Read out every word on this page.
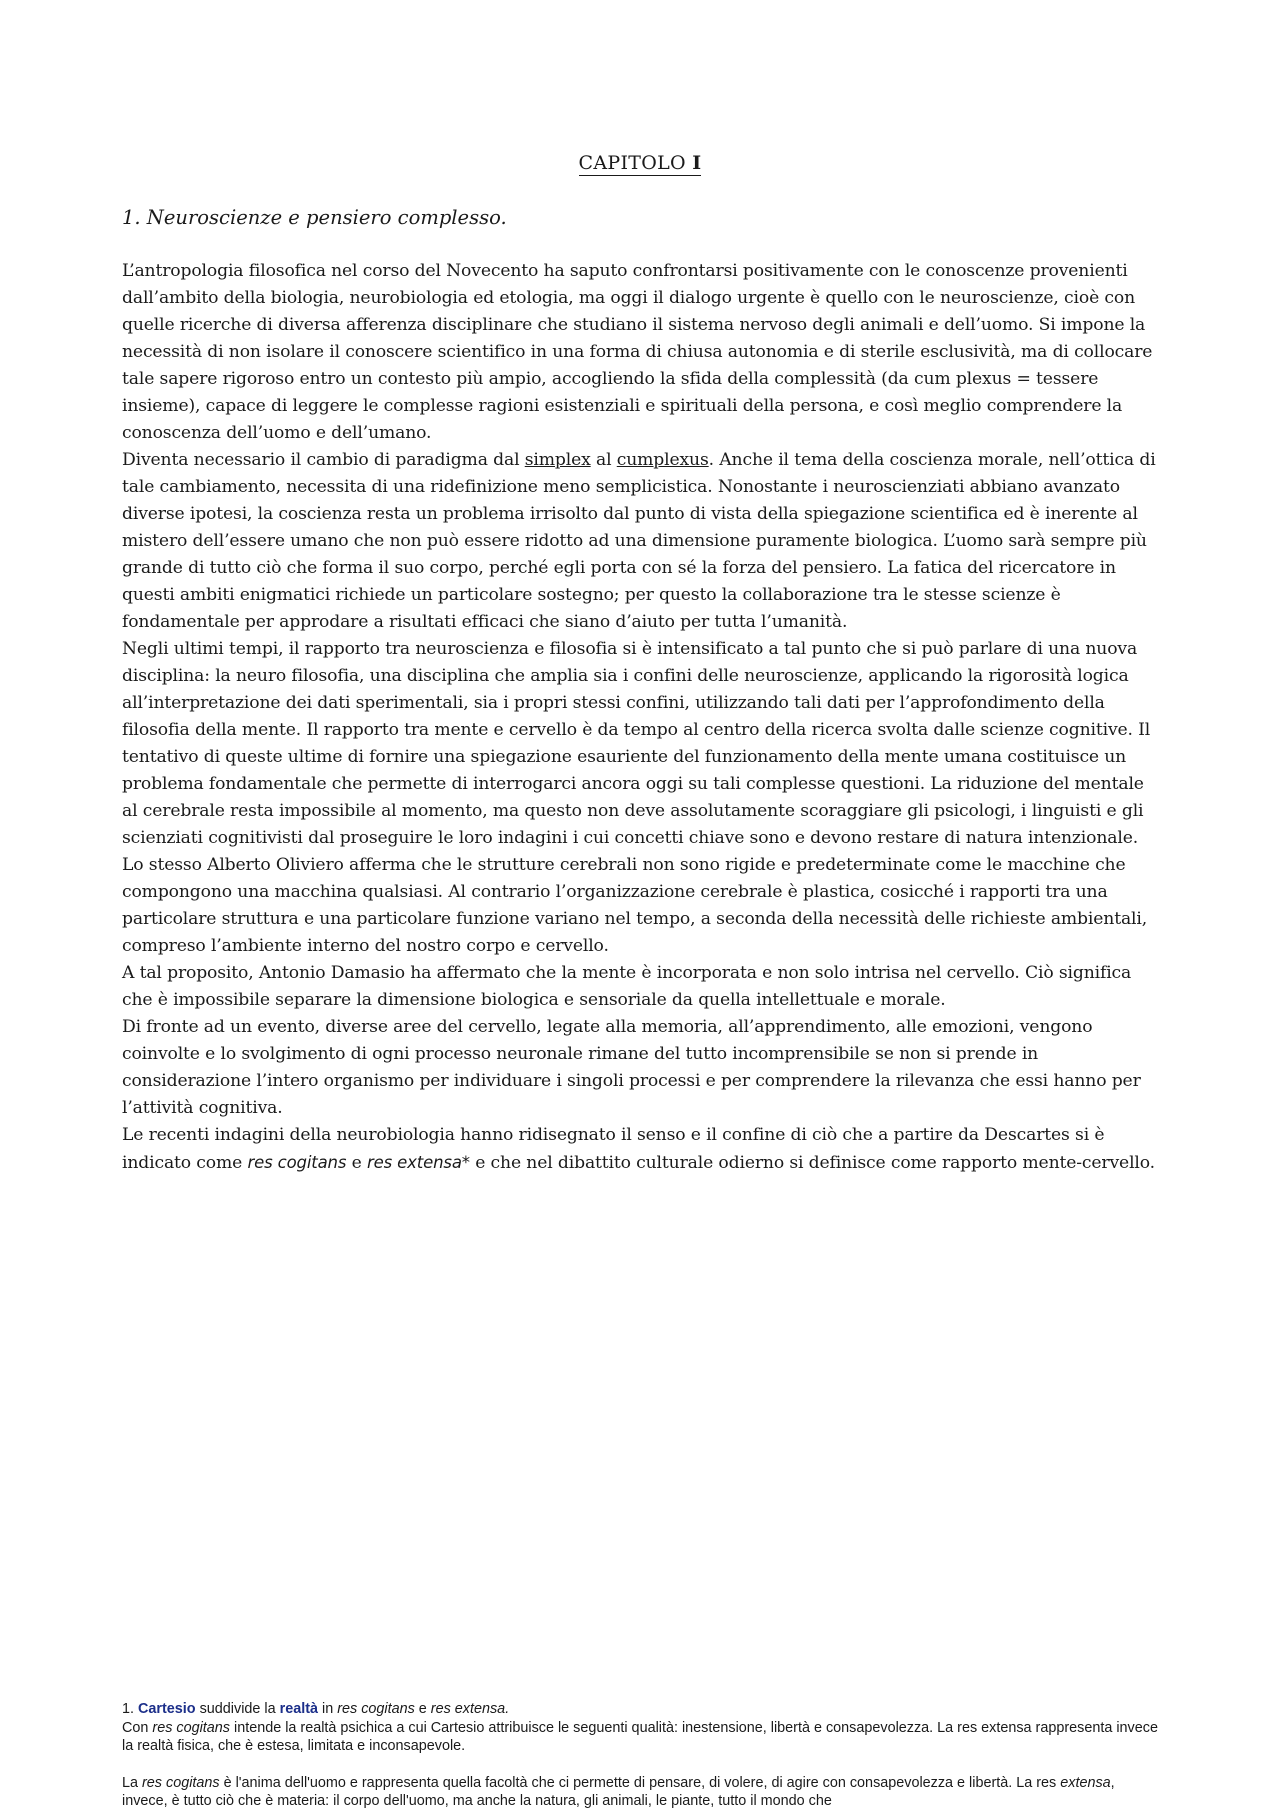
CAPITOLO I
1. Neuroscienze e pensiero complesso.

L’antropologia filosofica nel corso del Novecento ha saputo confrontarsi positivamente con le conoscenze provenienti dall’ambito della biologia, neurobiologia ed etologia, ma oggi il dialogo urgente è quello con le neuroscienze, cioè con quelle ricerche di diversa afferenza disciplinare che studiano il sistema nervoso degli animali e dell’uomo. Si impone la necessità di non isolare il conoscere scientifico in una forma di chiusa autonomia e di sterile esclusività, ma di collocare tale sapere rigoroso entro un contesto più ampio, accogliendo la sfida della complessità (da cum plexus = tessere insieme), capace di leggere le complesse ragioni esistenziali e spirituali della persona, e così meglio comprendere la conoscenza dell’uomo e dell’umano.

Diventa necessario il cambio di paradigma dal simplex al cumplexus. Anche il tema della coscienza morale, nell’ottica di tale cambiamento, necessita di una ridefinizione meno semplicistica. Nonostante i neuroscienziati abbiano avanzato diverse ipotesi, la coscienza resta un problema irrisolto dal punto di vista della spiegazione scientifica ed è inerente al mistero dell’essere umano che non può essere ridotto ad una dimensione puramente biologica. L’uomo sarà sempre più grande di tutto ciò che forma il suo corpo, perché egli porta con sé la forza del pensiero. La fatica del ricercatore in questi ambiti enigmatici richiede un particolare sostegno; per questo la collaborazione tra le stesse scienze è fondamentale per approdare a risultati efficaci che siano d’aiuto per tutta l’umanità.

Negli ultimi tempi, il rapporto tra neuroscienza e filosofia si è intensificato a tal punto che si può parlare di una nuova disciplina: la neuro filosofia, una disciplina che amplia sia i confini delle neuroscienze, applicando la rigorosità logica all’interpretazione dei dati sperimentali, sia i propri stessi confini, utilizzando tali dati per l’approfondimento della filosofia della mente. Il rapporto tra mente e cervello è da tempo al centro della ricerca svolta dalle scienze cognitive. Il tentativo di queste ultime di fornire una spiegazione esauriente del funzionamento della mente umana costituisce un problema fondamentale che permette di interrogarci ancora oggi su tali complesse questioni. La riduzione del mentale al cerebrale resta impossibile al momento, ma questo non deve assolutamente scoraggiare gli psicologi, i linguisti e gli scienziati cognitivisti dal proseguire le loro indagini i cui concetti chiave sono e devono restare di natura intenzionale. Lo stesso Alberto Oliviero afferma che le strutture cerebrali non sono rigide e predeterminate come le macchine che compongono una macchina qualsiasi. Al contrario l’organizzazione cerebrale è plastica, cosicché i rapporti tra una particolare struttura e una particolare funzione variano nel tempo, a seconda della necessità delle richieste ambientali, compreso l’ambiente interno del nostro corpo e cervello.

A tal proposito, Antonio Damasio ha affermato che la mente è incorporata e non solo intrisa nel cervello. Ciò significa che è impossibile separare la dimensione biologica e sensoriale da quella intellettuale e morale.

Di fronte ad un evento, diverse aree del cervello, legate alla memoria, all’apprendimento, alle emozioni, vengono coinvolte e lo svolgimento di ogni processo neuronale rimane del tutto incomprensibile se non si prende in considerazione l’intero organismo per individuare i singoli processi e per comprendere la rilevanza che essi hanno per l’attività cognitiva.

Le recenti indagini della neurobiologia hanno ridisegnato il senso e il confine di ciò che a partire da Descartes si è indicato come res cogitans e res extensa* e che nel dibattito culturale odierno si definisce come rapporto mente-cervello.

1. Cartesio suddivide la realtà in res cogitans e res extensa.

Con res cogitans intende la realtà psichica a cui Cartesio attribuisce le seguenti qualità: inestensione, libertà e consapevolezza. La res extensa rappresenta invece la realtà fisica, che è estesa, limitata e inconsapevole.

La res cogitans è l'anima dell'uomo e rappresenta quella facoltà che ci permette di pensare, di volere, di agire con consapevolezza e libertà. La res extensa, invece, è tutto ciò che è materia: il corpo dell'uomo, ma anche la natura, gli animali, le piante, tutto il mondo che
